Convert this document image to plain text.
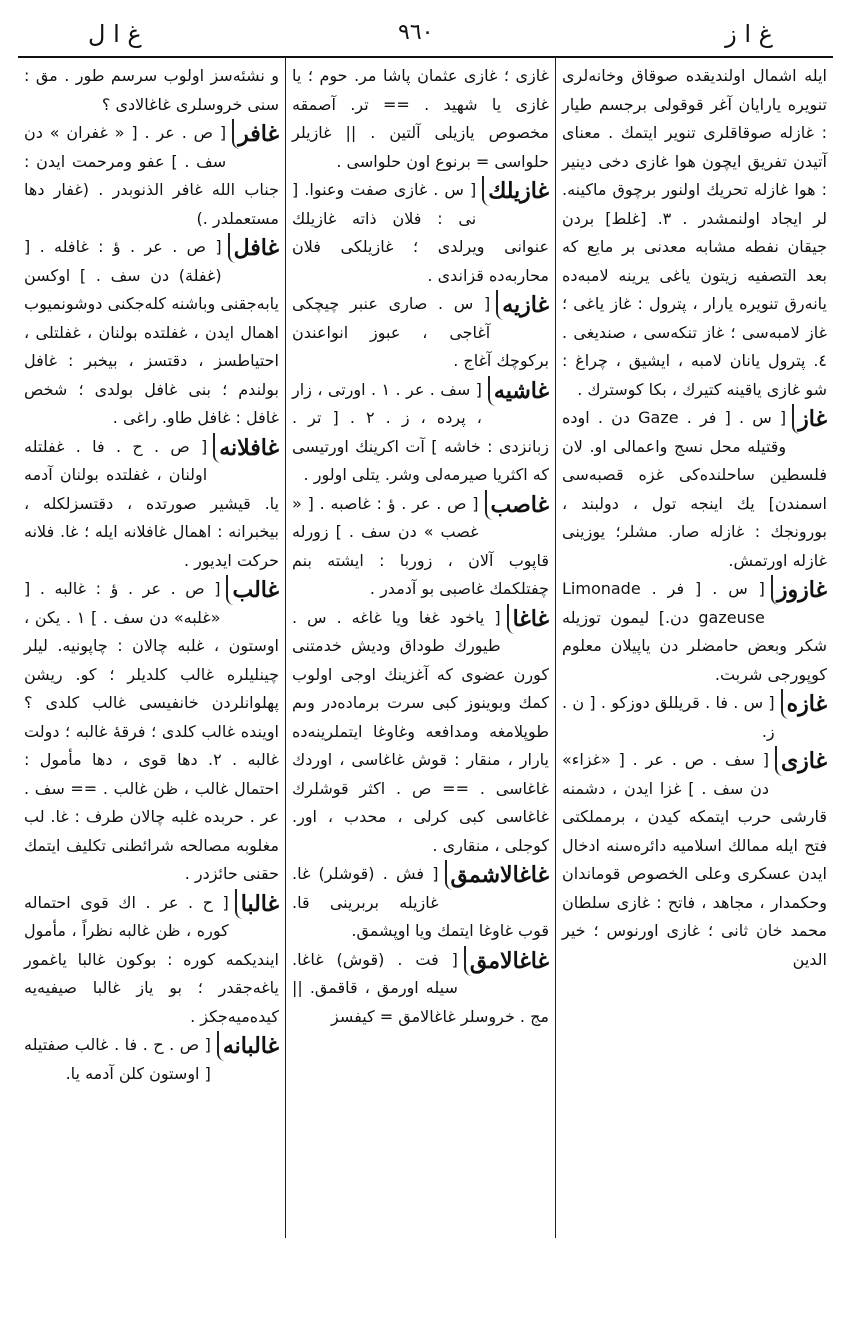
غ ا ز
٩٦٠
غ ا ل
ايله اشمال اولنديقده صوقاق وخانەلرى تنويره يارايان آغر قوقولى برجسم طيار : غازله صوقاقلرى تنوير ايتمك . معناى آتيدن تفريق ايچون هوا غازى دخى دينير : هوا غازله تحريك اولنور برچوق ماكينه. لر ايجاد اولنمشدر . ٣. [غلط] بردن جيقان نفطه مشابه معدنى بر مايع كه بعد التصفيه زيتون ياغى يرينه لامبەده يانەرق تنويره يارار ، پترول : غاز ياغى ؛ غاز لامبەسى ؛ غاز تنكەسى ، صنديغى . ٤. پترول يانان لامبه ، ايشيق ، چراغ : شو غازى ياقينه كتيرك ، بكا كوسترك .
غاز
[ س . [ فر . Gaze دن . اوده وقتيله محل نسج واعمالى او. لان فلسطين ساحلندەكى غزه قصبەسى اسمندن] يك اينجه تول ، دولبند ، بورونجك : غازله صار. مشلر؛ يوزينى غازله اورتمش.
غازوز
[ س . [ فر . Limonade gazeuse دن.] ليمون تو‌زيله شكر وبعض حامضلر دن ياپيلان معلوم كوپورجى شربت.
غازه
[ س . فا . قريللق دوزكو . [ ن . ز.
غازى
[ سف . ص . عر . [ «غزاء» دن سف . ] غزا ايدن ، دشمنه قارشى حرب ايتمكه كيدن ، برمملكتى فتح ايله ممالك اسلاميه دائرەسنه ادخال ايدن عسكرى وعلى الخصوص قوماندان وحكمدار ، مجاهد ، فاتح : غازى سلطان محمد خان ثانى ؛ غازى اورنوس ؛ خير الدين
غازى ؛ غازى عثمان پاشا مر. حوم ؛ يا غازى يا شهيد . == تر. آصمقه مخصوص يازيلى آلتين . || غازيلر حلواسى = برنوع اون حلواسى .
غازيلك
[ س . غازى صفت وعنوا. [ نى : فلان ذاته غازيلك عنوانى ويرلدى ؛ غازيلكى فلان محاربەده قزاندى .
غازيه
[ س . صارى عنبر چيچكى آغاجى ، عبوز انواعندن بركوچك آغاج .
غاشيه
[ سف . عر . ١ . اورتى ، زار ، پرده ، ز . ٢ . [ تر . زبانزدى : خاشه ] آت اكرينك اورتيسى كه اكثريا صيرمەلى وشر. يتلى اولور .
غاصب
[ ص . عر . ؤ : غاصبه . [ « غصب » دن سف . ] زورله قاپوب آلان ، زوربا : ايشته بنم چفتلكمك غاصبى بو آدمدر .
غاغا
[ ياخود غغا ويا غاغه . س . طيورك طوداق وديش خدمتنى كورن عضوى كه آغزينك اوجى اولوب كمك وبوينوز كبى سرت برمادەدر وىم طوپلامغه ومدافعه وغاوغا ايتملرينەده يارار ، منقار : قوش غاغاسى ، اوردك غاغاسى . == ص . اكثر قوشلرك غاغاسى كبى كرلى ، محدب ، اور. كوجلى ، منقارى .
غاغالاشمق
[ فش . (قوشلر) غا. غازيله بربرينى قا. قوب غاوغا ايتمك ويا اوپشمق.
غاغالامق
[ فت . (قوش) غاغا. سيله اورمق ، قاقمق. || مج . خروسلر غاغالامق = كيفسز
و نشئەسز اولوب سرسم طور . مق : سنى خروسلرى غاغالادى ؟
غافر
[ ص . عر . [ « غفران » دن سف . ] عفو ومرحمت ايدن : جناب الله غافر الذنوبدر . (غفار دها مستعملدر .)
غافل
[ ص . عر . ؤ : غافله . [ (غفلة) دن سف . ] اوكسن يابەجقنى وباشنه كلەجكنى دوشونميوب اهمال ايدن ، غفلتده بولنان ، غفلتلى ، احتياطسز ، دقتسز ، بيخبر : غافل بولندم ؛ بنى غافل بولدى ؛ شخص غافل : غافل طاو. راغى .
غافلانه
[ ص . ح . فا . غفلتله اولنان ، غفلتده بولنان آدمه يا. قيشير صورتده ، دقتسزلكله ، بيخبرانه : اهمال غافلانه ايله ؛ غا. فلانه حركت ايديور .
غالب
[ ص . عر . ؤ : غالبه . [ «غلبه» دن سف . ] ١ . يكن ، اوستون ، غلبه چالان : چاپونيه. ليلر چينليلره غالب كلديلر ؛ كو. ريشن پهلوانلردن خانفيسى غالب كلدى ؟ اوينده غالب كلدى ؛ فرقهٔ غالبه ؛ دولت غالبه . ٢. دها قوى ، دها مأمول : احتمال غالب ، ظن غالب . == سف . عر . حربده غلبه چالان طرف : غا. لب مغلوبه مصالحه شرائطنى تكليف ايتمك حقنى حائزدر .
غالبا
[ ح . عر . اك قوى احتماله كوره ، ظن غالبه نظراً ، مأمول اينديكمه كوره : بوكون غالبا ياغمور ياغەجقدر ؛ بو ياز غالبا صيفيەيه كيدەميەجكز .
غالبانه
[ ص . ح . فا . غالب صفتيله [ اوستون كلن آدمه يا.
